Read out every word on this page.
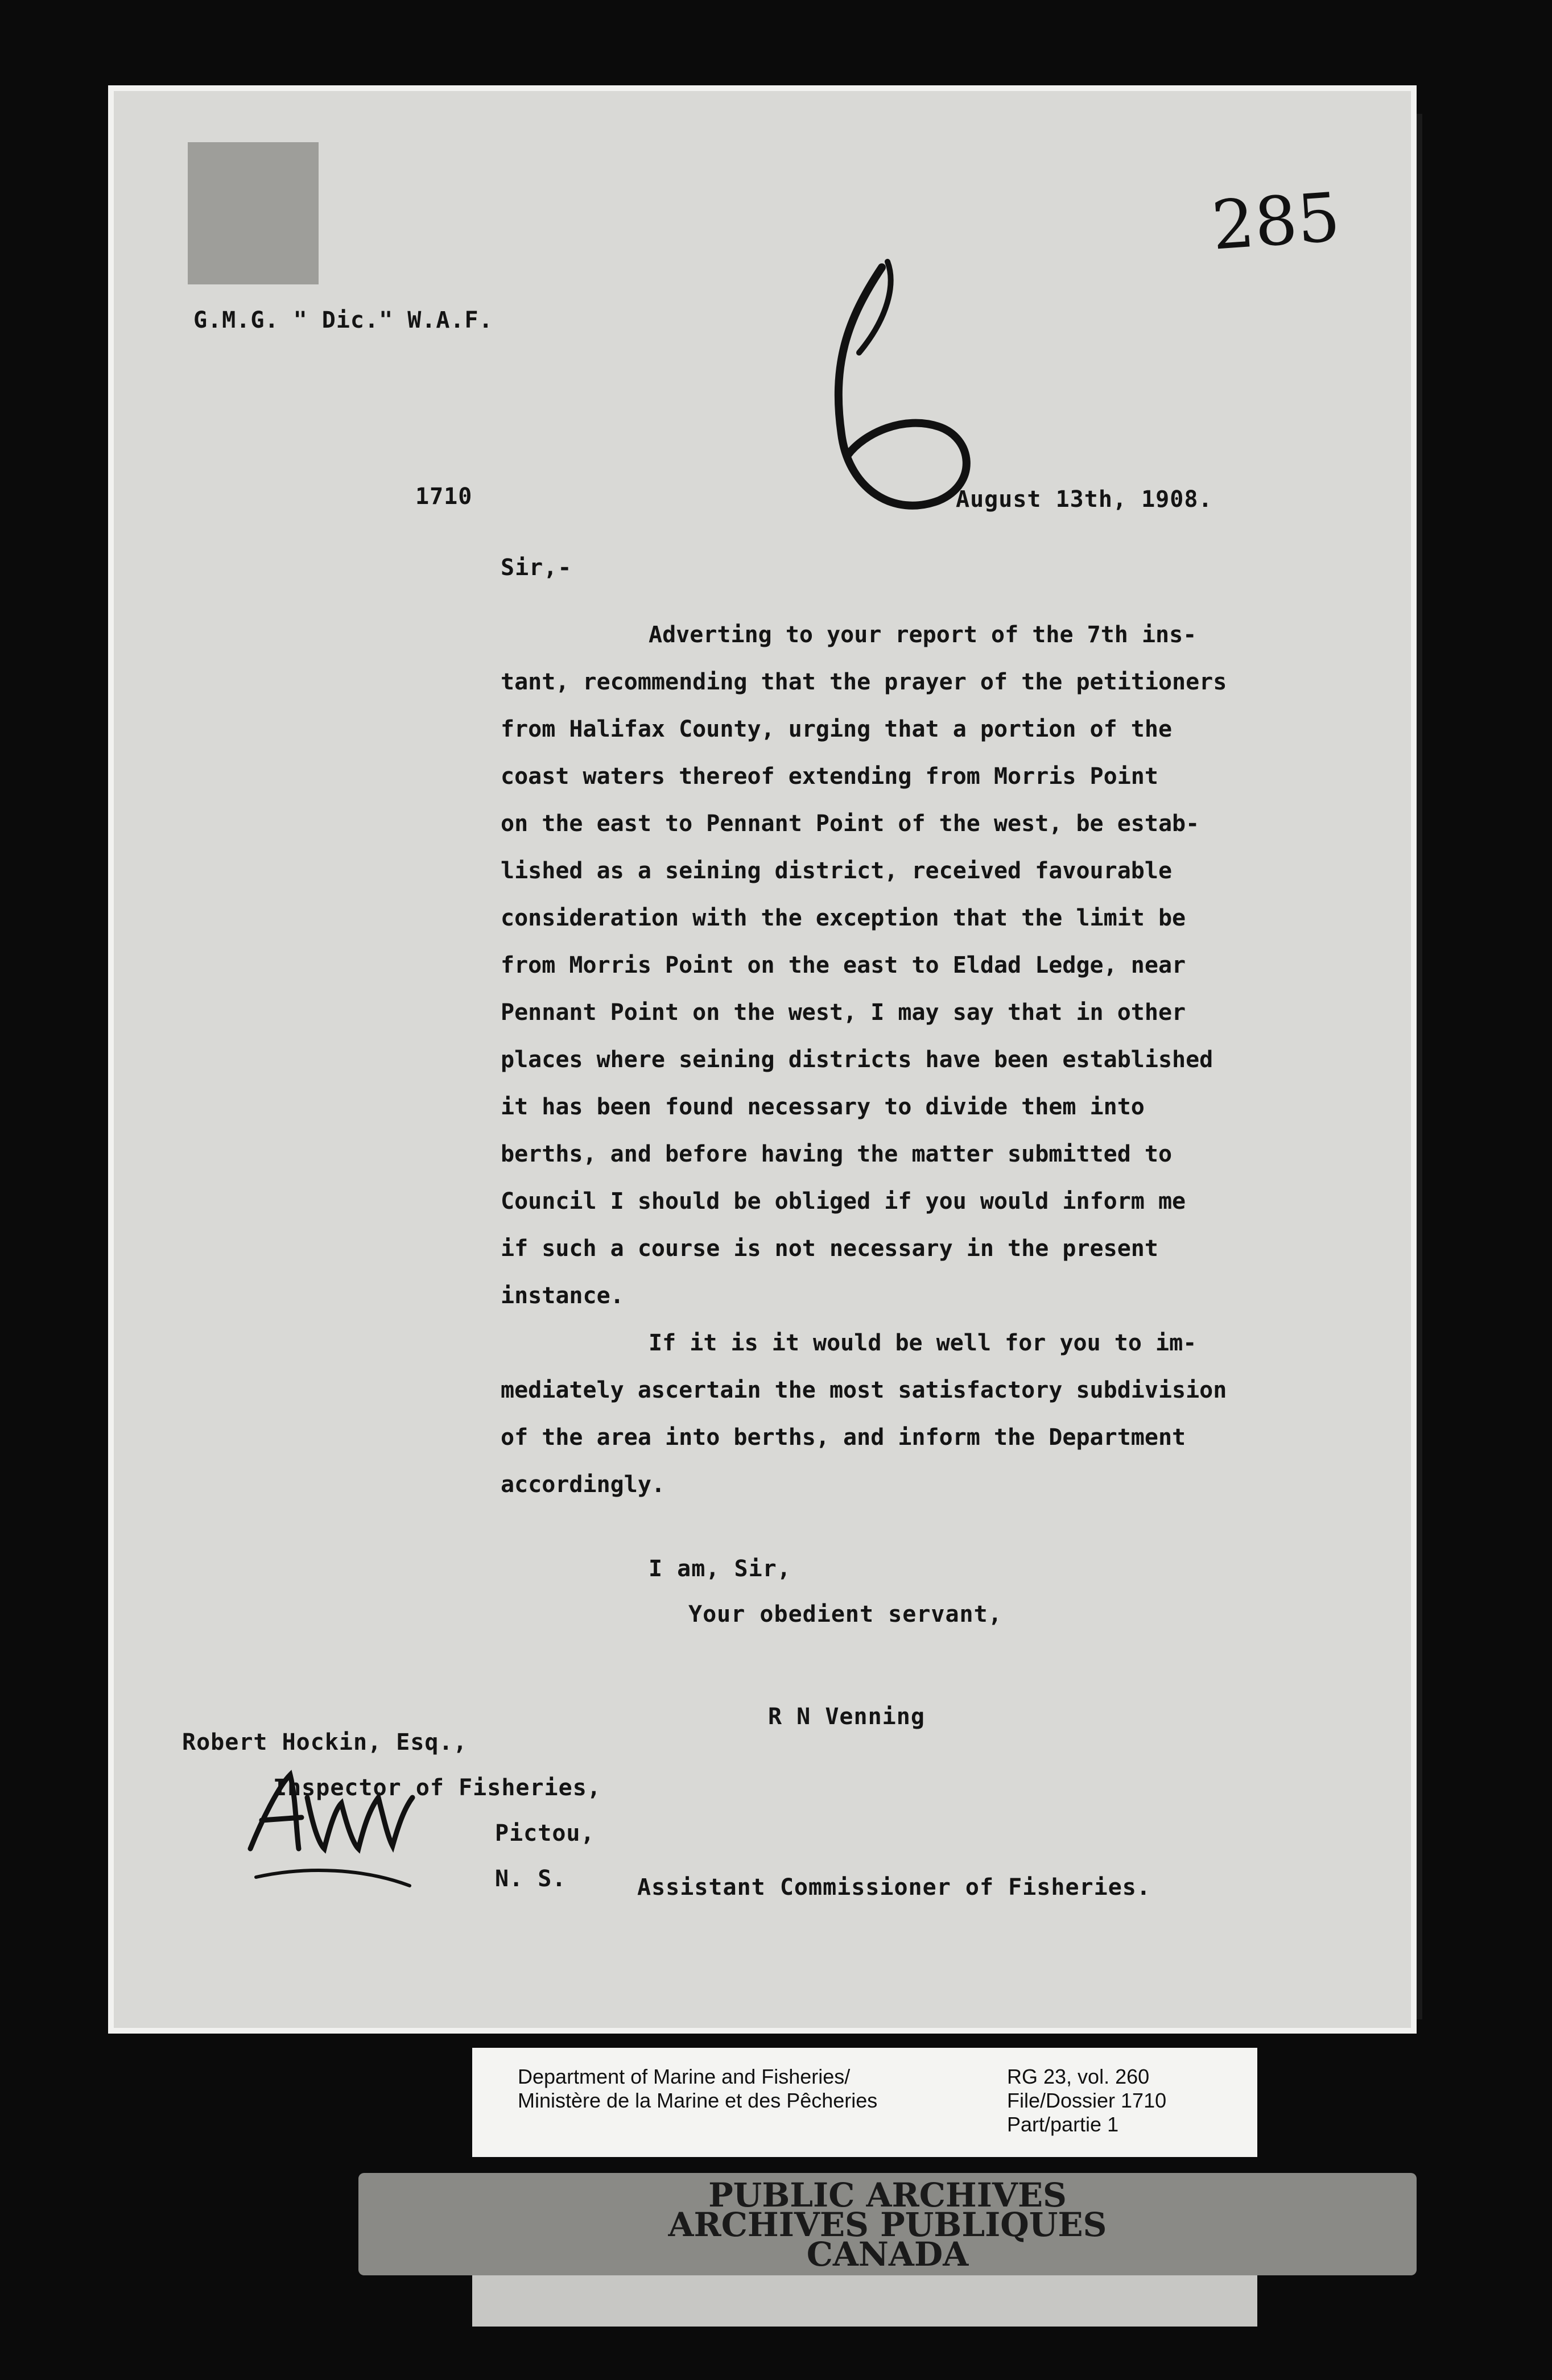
285
G.M.G. " Dic." W.A.F.
1710	August 13th, 1908.
Sir,-
Adverting to your report of the 7th ins-
tant, recommending that the prayer of the petitioners
from Halifax County, urging that a portion of the
coast waters thereof extending from Morris Point
on the east to Pennant Point of the west, be estab-
lished as a seining district, received favourable
consideration with the exception that the limit be
from Morris Point on the east to Eldad Ledge, near
Pennant Point on the west, I may say that in other
places where seining districts have been established
it has been found necessary to divide them into
berths, and before having the matter submitted to
Council I should be obliged if you would inform me
if such a course is not necessary in the present
instance.
If it is it would be well for you to im-
mediately ascertain the most satisfactory subdivision
of the area into berths, and inform the Department
accordingly.
I am, Sir,
Your obedient servant,
R N Venning
Robert Hockin, Esq.,
Inspector of Fisheries,
Pictou,
N. S.	Assistant Commissioner of Fisheries.
Department of Marine and Fisheries/
Ministère de la Marine et des Pêcheries
RG 23, vol. 260
File/Dossier 1710
Part/partie 1
PUBLIC ARCHIVES
ARCHIVES PUBLIQUES
CANADA
